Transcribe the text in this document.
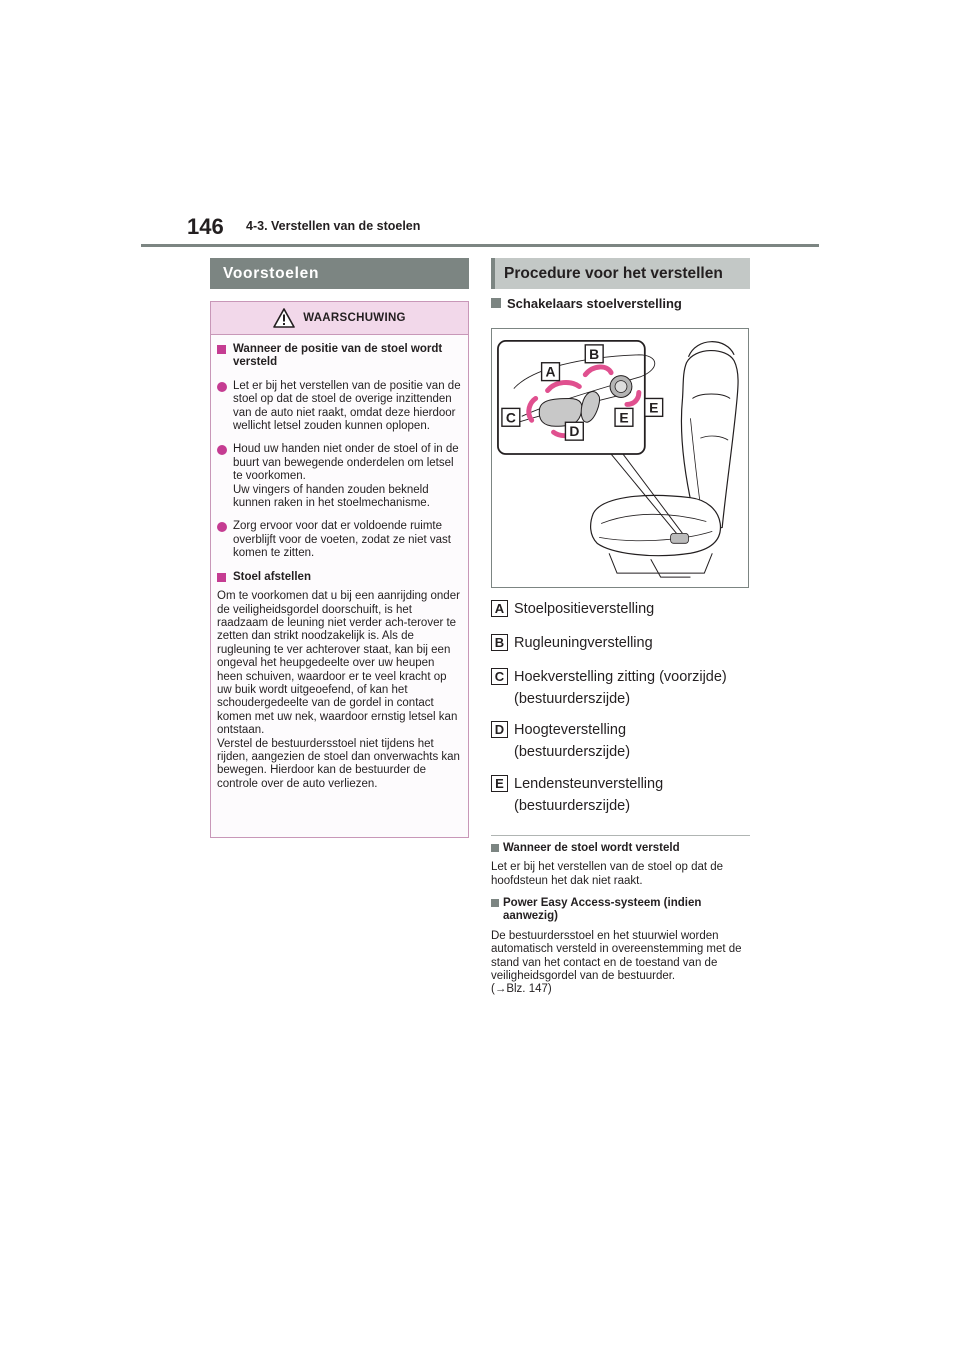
146 4-3. Verstellen van de stoelen

Voorstoelen	Procedure voor het verstellen
WAARSCHUWING

Wanneer de positie van de stoel wordt versteld

Let er bij het verstellen van de positie van de stoel op dat de stoel de overige inzittenden van de auto niet raakt, omdat deze hierdoor wellicht letsel zouden kunnen oplopen.

Houd uw handen niet onder de stoel of in de buurt van bewegende onderdelen om letsel te voorkomen.
Uw vingers of handen zouden bekneld kunnen raken in het stoelmechanisme.

Zorg ervoor voor dat er voldoende ruimte overblijft voor de voeten, zodat ze niet vast komen te zitten.

Stoel afstellen

Om te voorkomen dat u bij een aanrijding onder de veiligheidsgordel doorschuift, is het raadzaam de leuning niet verder ach-terover te zetten dan strikt noodzakelijk is. Als de rugleuning te ver achterover staat, kan bij een ongeval het heupgedeelte over uw heupen heen schuiven, waardoor er te veel kracht op uw buik wordt uitgeoefend, of kan het schoudergedeelte van de gordel in contact komen met uw nek, waardoor ernstig letsel kan ontstaan.
Verstel de bestuurdersstoel niet tijdens het rijden, aangezien de stoel dan onverwachts kan bewegen. Hierdoor kan de bestuurder de controle over de auto verliezen.

Schakelaars stoelverstelling
A
B
C
D
E
E
A Stoelpositieverstelling
B Rugleuningverstelling
C Hoekverstelling zitting (voorzijde)
(bestuurderszijde)
D Hoogteverstelling
(bestuurderszijde)
E Lendensteunverstelling
(bestuurderszijde)

Wanneer de stoel wordt versteld

Let er bij het verstellen van de stoel op dat de hoofdsteun het dak niet raakt.

Power Easy Access-systeem (indien aanwezig)

De bestuurdersstoel en het stuurwiel worden automatisch versteld in overeenstemming met de stand van het contact en de toestand van de veiligheidsgordel van de bestuurder.
(→Blz. 147)
